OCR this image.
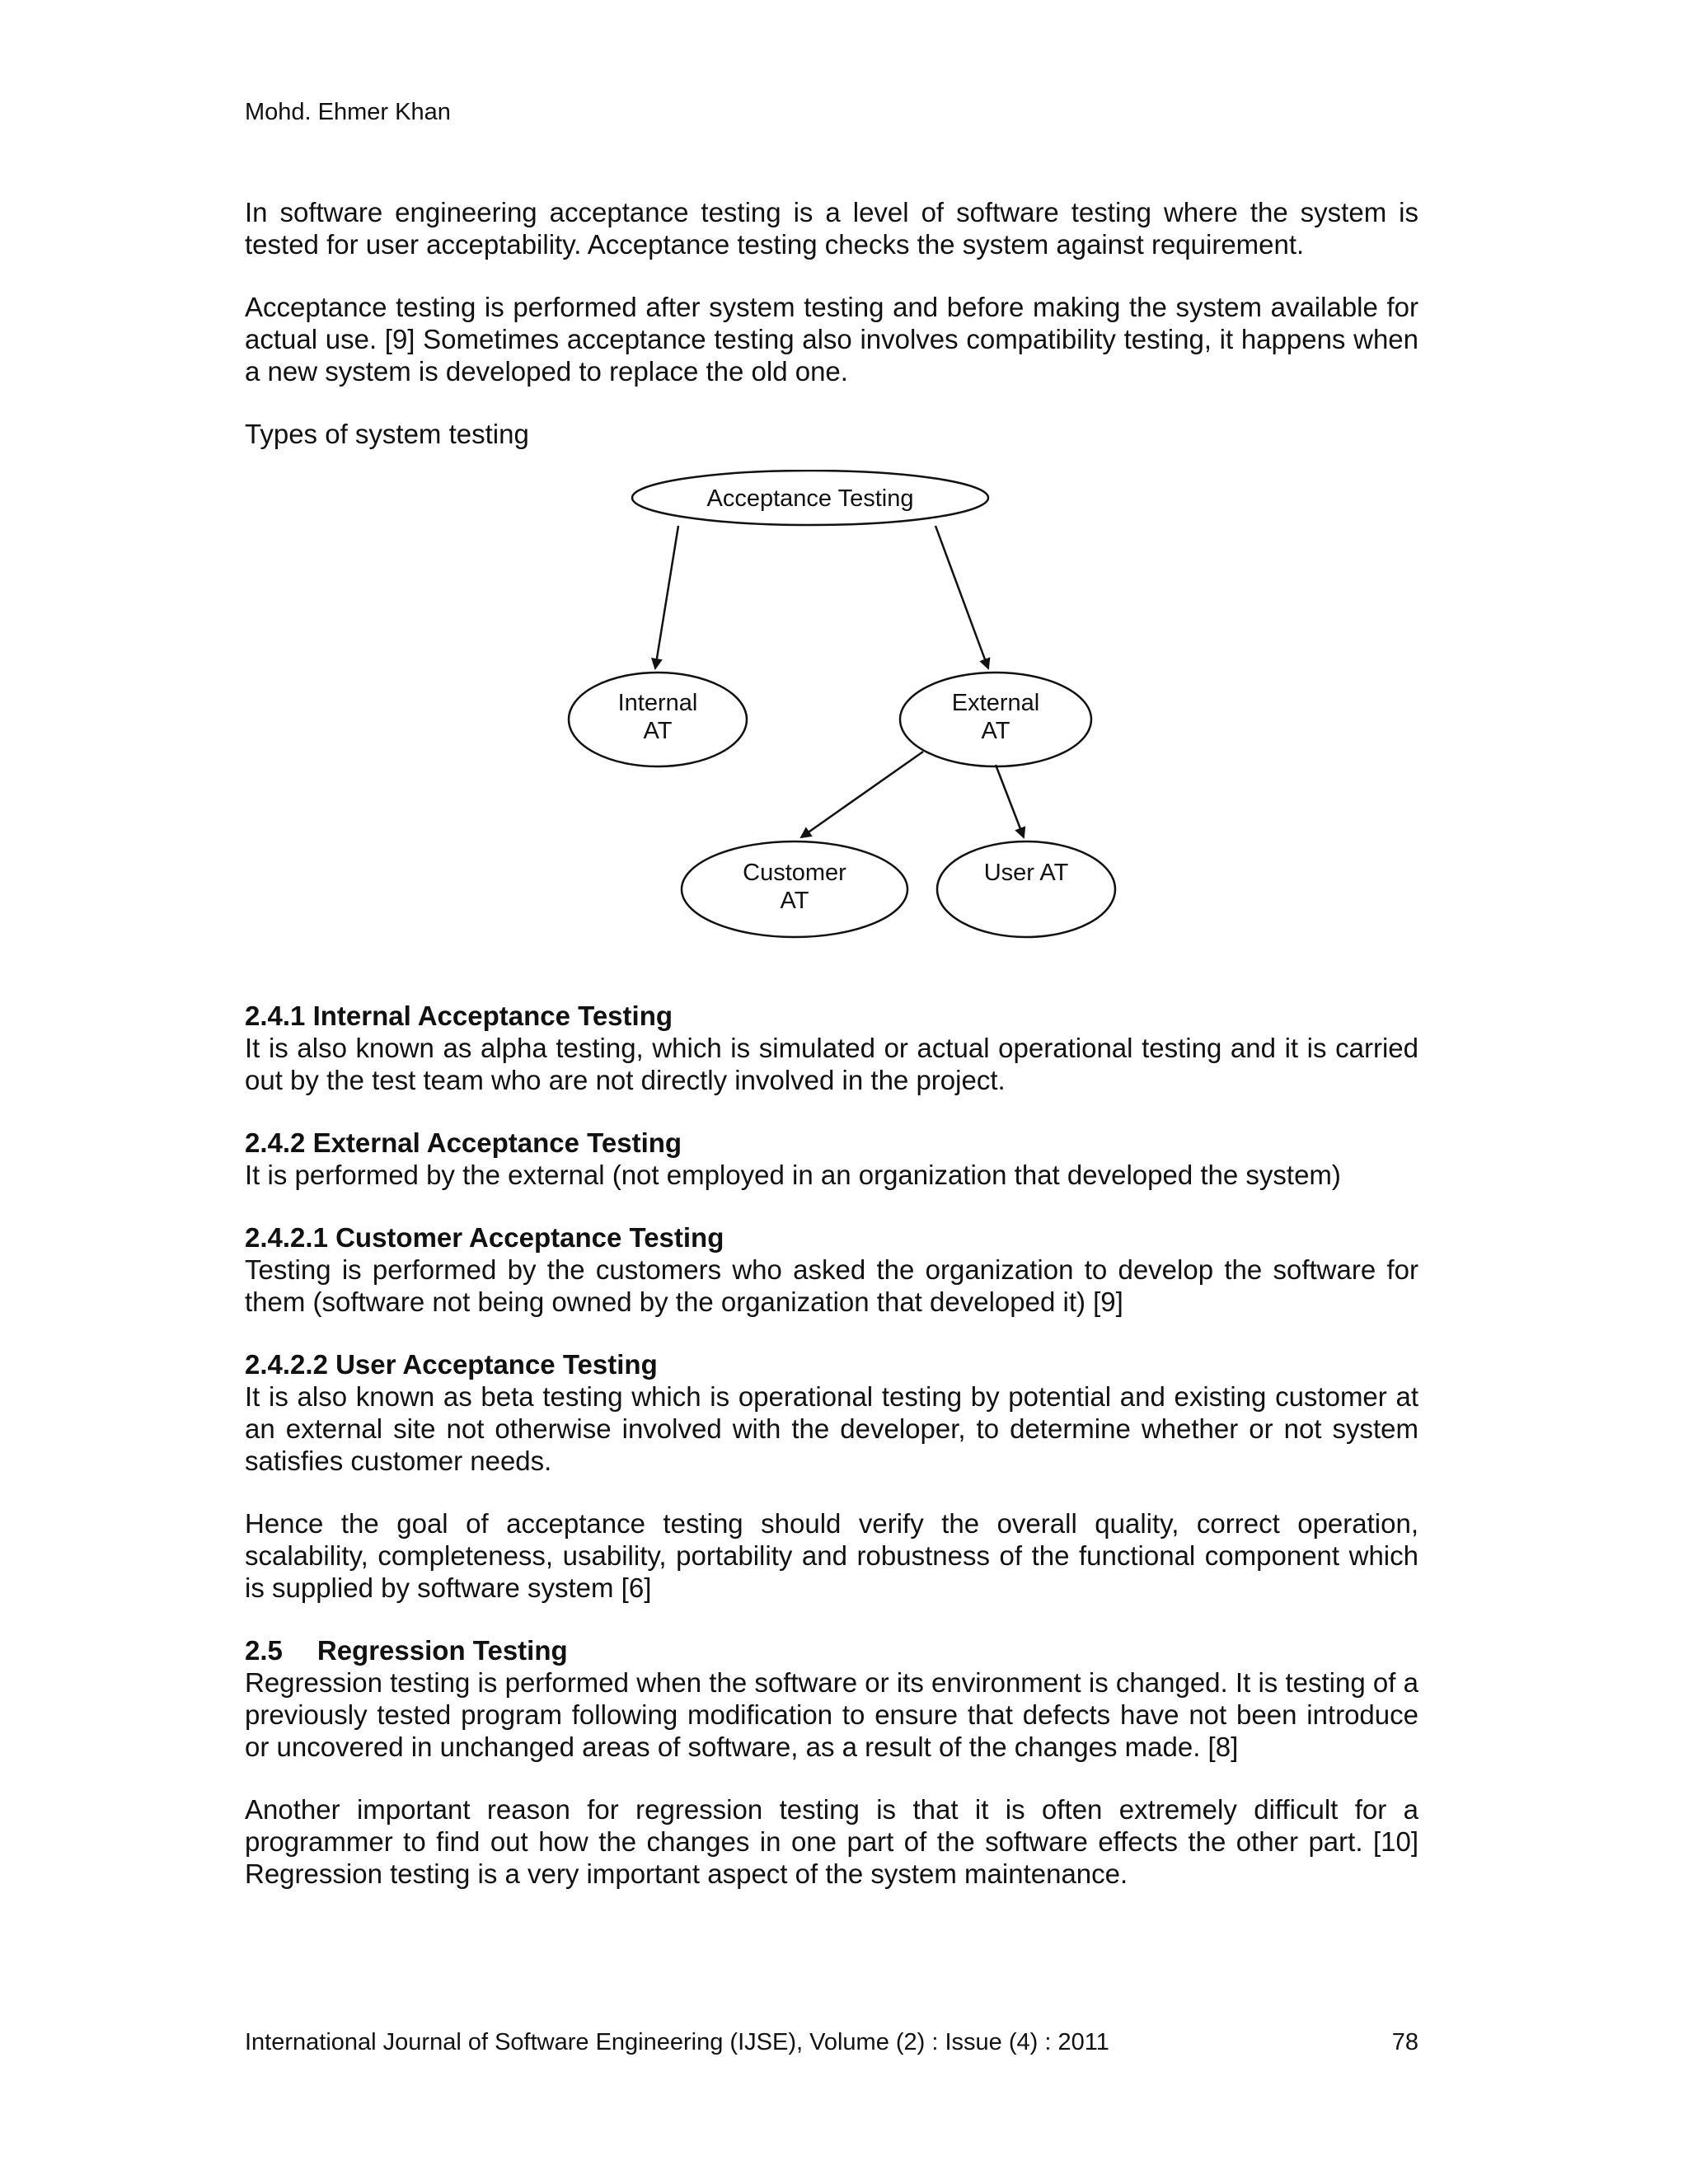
Mohd. Ehmer Khan

In software engineering acceptance testing is a level of software testing where the system is tested for user acceptability. Acceptance testing checks the system against requirement.

Acceptance testing is performed after system testing and before making the system available for actual use. [9] Sometimes acceptance testing also involves compatibility testing, it happens when a new system is developed to replace the old one.

Types of system testing

2.4.1 Internal Acceptance Testing

It is also known as alpha testing, which is simulated or actual operational testing and it is carried out by the test team who are not directly involved in the project.

2.4.2 External Acceptance Testing

It is performed by the external (not employed in an organization that developed the system)

2.4.2.1 Customer Acceptance Testing

Testing is performed by the customers who asked the organization to develop the software for them (software not being owned by the organization that developed it) [9]

2.4.2.2 User Acceptance Testing

It is also known as beta testing which is operational testing by potential and existing customer at an external site not otherwise involved with the developer, to determine whether or not system satisfies customer needs.

Hence the goal of acceptance testing should verify the overall quality, correct operation, scalability, completeness, usability, portability and robustness of the functional component which is supplied by software system [6]

2.5 Regression Testing

Regression testing is performed when the software or its environment is changed. It is testing of a previously tested program following modification to ensure that defects have not been introduce or uncovered in unchanged areas of software, as a result of the changes made. [8]

Another important reason for regression testing is that it is often extremely difficult for a programmer to find out how the changes in one part of the software effects the other part. [10] Regression testing is a very important aspect of the system maintenance.

Acceptance Testing
Internal
AT
External
AT
Customer
AT
User AT
International Journal of Software Engineering (IJSE), Volume (2) : Issue (4) : 2011	78
